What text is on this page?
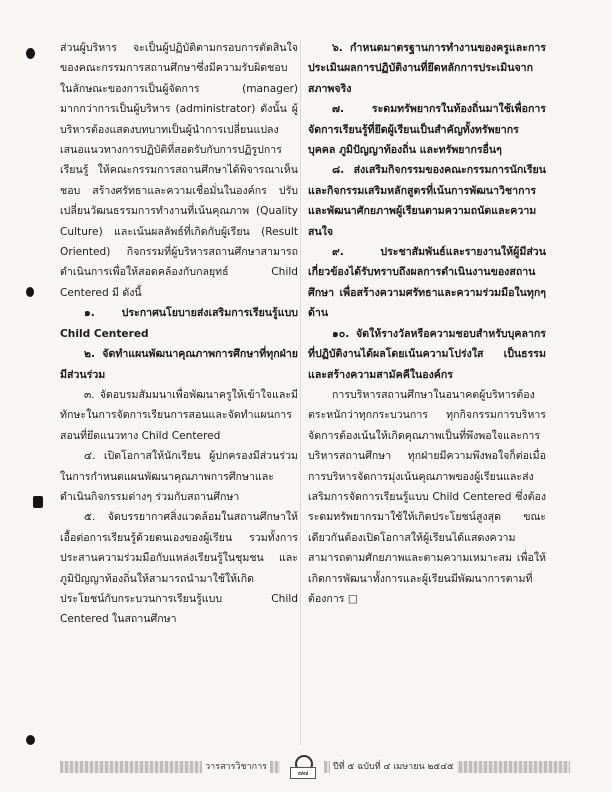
ส่วนผู้บริหาร จะเป็นผู้ปฏิบัติตามกรอบการตัดสินใจของคณะกรรมการสถานศึกษาซึ่งมีความรับผิดชอบในลักษณะของการเป็นผู้จัดการ (manager) มากกว่าการเป็นผู้บริหาร (administrator) ดังนั้น ผู้บริหารต้องแสดงบทบาทเป็นผู้นำการเปลี่ยนแปลง เสนอแนวทางการปฏิบัติที่สอดรับกับการปฏิรูปการเรียนรู้ ให้คณะกรรมการสถานศึกษาได้พิจารณาเห็นชอบ สร้างศรัทธาและความเชื่อมั่นในองค์กร ปรับเปลี่ยนวัฒนธรรมการทำงานที่เน้นคุณภาพ (Quality Culture) และเน้นผลลัพธ์ที่เกิดกับผู้เรียน (Result Oriented) กิจกรรมที่ผู้บริหารสถานศึกษาสามารถดำเนินการเพื่อให้สอดคล้องกับกลยุทธ์ Child Centered มี ดังนี้

๑. ประกาศนโยบายส่งเสริมการเรียนรู้แบบ Child Centered

๒. จัดทำแผนพัฒนาคุณภาพการศึกษาที่ทุกฝ่ายมีส่วนร่วม

๓. จัดอบรมสัมมนาเพื่อพัฒนาครูให้เข้าใจและมีทักษะในการจัดการเรียนการสอนและจัดทำแผนการสอนที่ยึดแนวทาง Child Centered

๔. เปิดโอกาสให้นักเรียน ผู้ปกครองมีส่วนร่วมในการกำหนดแผนพัฒนาคุณภาพการศึกษาและดำเนินกิจกรรมต่างๆ ร่วมกับสถานศึกษา

๕. จัดบรรยากาศสิ่งแวดล้อมในสถานศึกษาให้เอื้อต่อการเรียนรู้ด้วยตนเองของผู้เรียน รวมทั้งการประสานความร่วมมือกับแหล่งเรียนรู้ในชุมชน และภูมิปัญญาท้องถิ่นให้สามารถนำมาใช้ให้เกิดประโยชน์กับกระบวนการเรียนรู้แบบ Child Centered ในสถานศึกษา

๖. กำหนดมาตรฐานการทำงานของครูและการประเมินผลการปฏิบัติงานที่ยึดหลักการประเมินจากสภาพจริง

๗. ระดมทรัพยากรในท้องถิ่นมาใช้เพื่อการจัดการเรียนรู้ที่ยึดผู้เรียนเป็นสำคัญทั้งทรัพยากรบุคคล ภูมิปัญญาท้องถิ่น และทรัพยากรอื่นๆ

๘. ส่งเสริมกิจกรรมของคณะกรรมการนักเรียนและกิจกรรมเสริมหลักสูตรที่เน้นการพัฒนาวิชาการและพัฒนาศักยภาพผู้เรียนตามความถนัดและความสนใจ

๙. ประชาสัมพันธ์และรายงานให้ผู้มีส่วนเกี่ยวข้องได้รับทราบถึงผลการดำเนินงานของสถานศึกษา เพื่อสร้างความศรัทธาและความร่วมมือในทุกๆ ด้าน

๑๐. จัดให้รางวัลหรือความชอบสำหรับบุคลากรที่ปฏิบัติงานได้ผลโดยเน้นความโปร่งใส เป็นธรรม และสร้างความสามัคคีในองค์กร

การบริหารสถานศึกษาในอนาคตผู้บริหารต้องตระหนักว่าทุกกระบวนการ ทุกกิจกรรมการบริหารจัดการต้องเน้นให้เกิดคุณภาพเป็นที่พึงพอใจและการบริหารสถานศึกษา ทุกฝ่ายมีความพึงพอใจก็ต่อเมื่อการบริหารจัดการมุ่งเน้นคุณภาพของผู้เรียนและส่งเสริมการจัดการเรียนรู้แบบ Child Centered ซึ่งต้องระดมทรัพยากรมาใช้ให้เกิดประโยชน์สูงสุด ขณะเดียวกันต้องเปิดโอกาสให้ผู้เรียนได้แสดงความสามารถตามศักยภาพและตามความเหมาะสม เพื่อให้เกิดการพัฒนาทั้งการและผู้เรียนมีพัฒนาการตามที่ต้องการ □

วารสารวิชาการ
๗๗
ปีที่ ๕ ฉบับที่ ๔ เมษายน ๒๕๔๕
